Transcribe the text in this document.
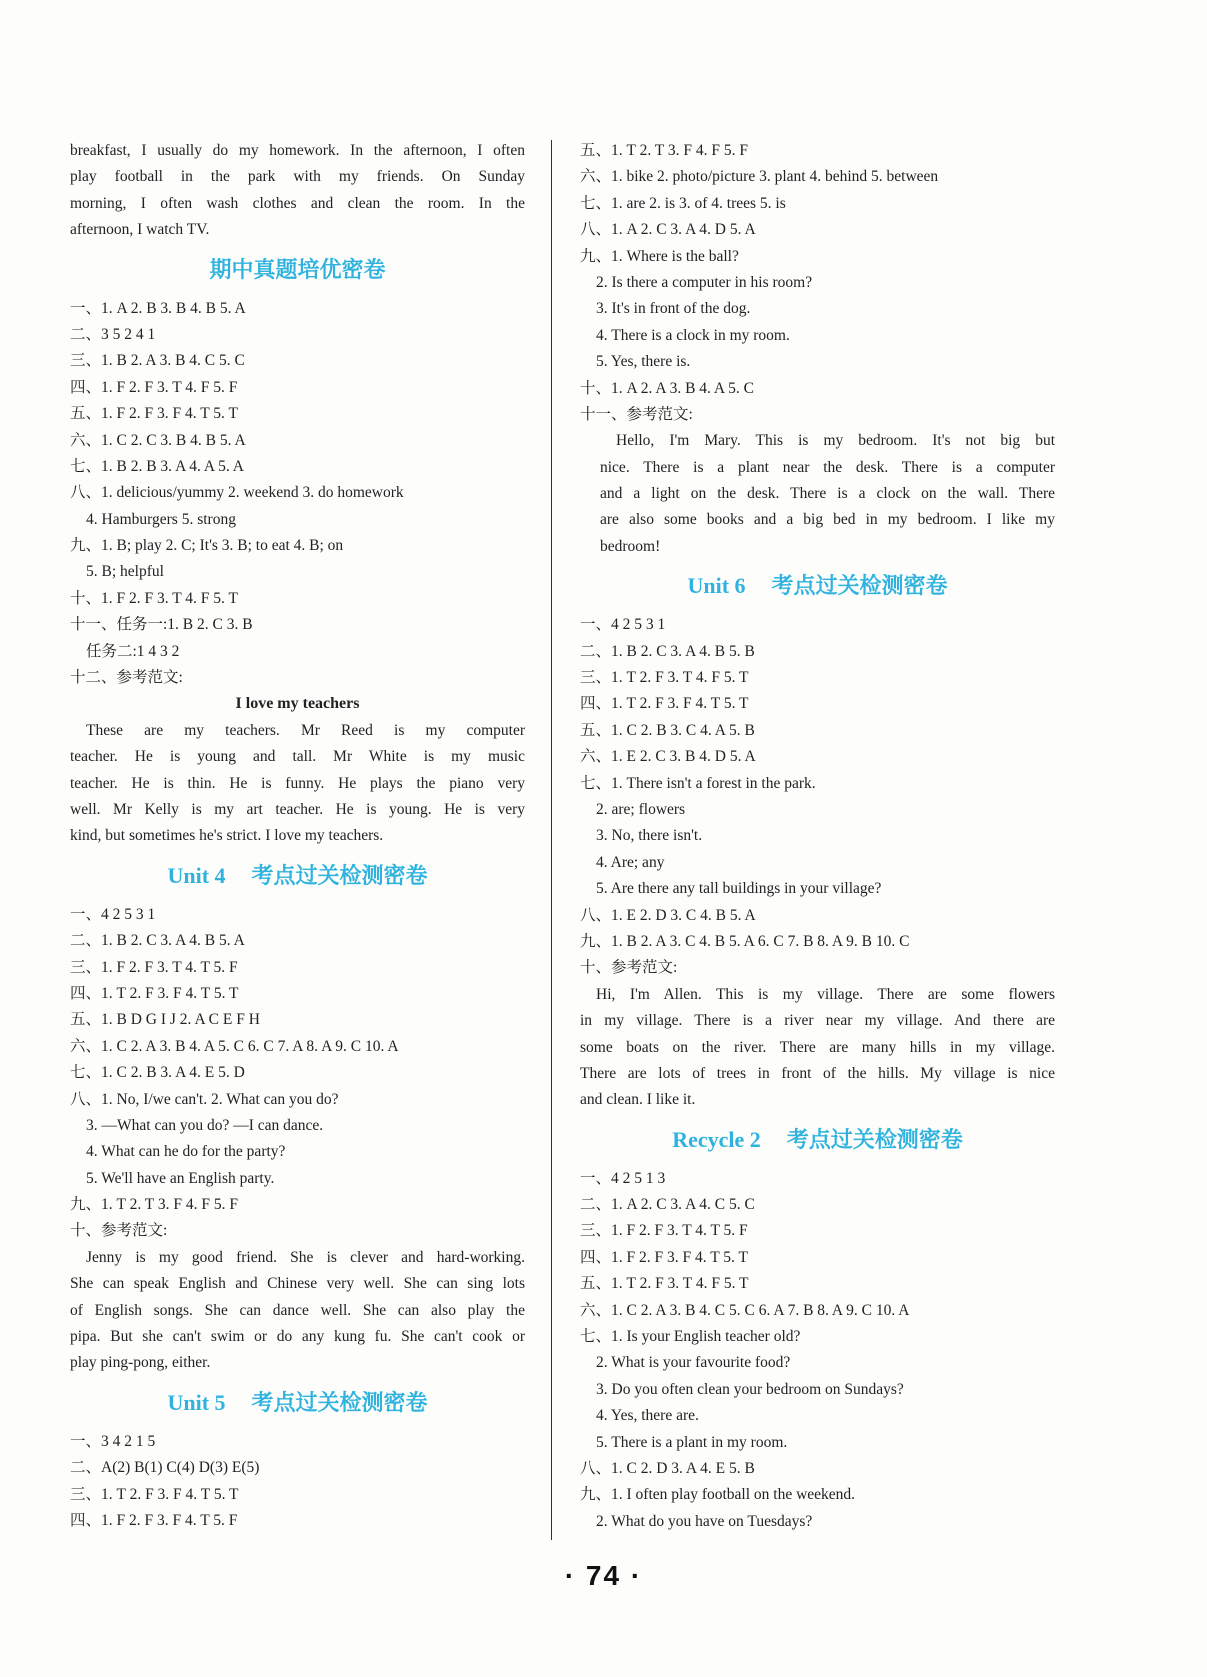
breakfast, I usually do my homework. In the afternoon, I often
play football in the park with my friends. On Sunday
morning, I often wash clothes and clean the room. In the
afternoon, I watch TV.
期中真题培优密卷
一、1. A 2. B 3. B 4. B 5. A
二、3 5 2 4 1
三、1. B 2. A 3. B 4. C 5. C
四、1. F 2. F 3. T 4. F 5. F
五、1. F 2. F 3. F 4. T 5. T
六、1. C 2. C 3. B 4. B 5. A
七、1. B 2. B 3. A 4. A 5. A
八、1. delicious/yummy 2. weekend 3. do homework
4. Hamburgers 5. strong
九、1. B; play 2. C; It's 3. B; to eat 4. B; on
5. B; helpful
十、1. F 2. F 3. T 4. F 5. T
十一、任务一:1. B 2. C 3. B
任务二:1 4 3 2
十二、参考范文:
I love my teachers
These are my teachers. Mr Reed is my computer
teacher. He is young and tall. Mr White is my music
teacher. He is thin. He is funny. He plays the piano very
well. Mr Kelly is my art teacher. He is young. He is very
kind, but sometimes he's strict. I love my teachers.
Unit 4 考点过关检测密卷
一、4 2 5 3 1
二、1. B 2. C 3. A 4. B 5. A
三、1. F 2. F 3. T 4. T 5. F
四、1. T 2. F 3. F 4. T 5. T
五、1. B D G I J 2. A C E F H
六、1. C 2. A 3. B 4. A 5. C 6. C 7. A 8. A 9. C 10. A
七、1. C 2. B 3. A 4. E 5. D
八、1. No, I/we can't. 2. What can you do?
3. —What can you do? —I can dance.
4. What can he do for the party?
5. We'll have an English party.
九、1. T 2. T 3. F 4. F 5. F
十、参考范文:
Jenny is my good friend. She is clever and hard-working.
She can speak English and Chinese very well. She can sing lots
of English songs. She can dance well. She can also play the
pipa. But she can't swim or do any kung fu. She can't cook or
play ping-pong, either.
Unit 5 考点过关检测密卷
一、3 4 2 1 5
二、A(2) B(1) C(4) D(3) E(5)
三、1. T 2. F 3. F 4. T 5. T
四、1. F 2. F 3. F 4. T 5. F
五、1. T 2. T 3. F 4. F 5. F
六、1. bike 2. photo/picture 3. plant 4. behind 5. between
七、1. are 2. is 3. of 4. trees 5. is
八、1. A 2. C 3. A 4. D 5. A
九、1. Where is the ball?
2. Is there a computer in his room?
3. It's in front of the dog.
4. There is a clock in my room.
5. Yes, there is.
十、1. A 2. A 3. B 4. A 5. C
十一、参考范文:
Hello, I'm Mary. This is my bedroom. It's not big but
nice. There is a plant near the desk. There is a computer
and a light on the desk. There is a clock on the wall. There
are also some books and a big bed in my bedroom. I like my
bedroom!
Unit 6 考点过关检测密卷
一、4 2 5 3 1
二、1. B 2. C 3. A 4. B 5. B
三、1. T 2. F 3. T 4. F 5. T
四、1. T 2. F 3. F 4. T 5. T
五、1. C 2. B 3. C 4. A 5. B
六、1. E 2. C 3. B 4. D 5. A
七、1. There isn't a forest in the park.
2. are; flowers
3. No, there isn't.
4. Are; any
5. Are there any tall buildings in your village?
八、1. E 2. D 3. C 4. B 5. A
九、1. B 2. A 3. C 4. B 5. A 6. C 7. B 8. A 9. B 10. C
十、参考范文:
Hi, I'm Allen. This is my village. There are some flowers
in my village. There is a river near my village. And there are
some boats on the river. There are many hills in my village.
There are lots of trees in front of the hills. My village is nice
and clean. I like it.
Recycle 2 考点过关检测密卷
一、4 2 5 1 3
二、1. A 2. C 3. A 4. C 5. C
三、1. F 2. F 3. T 4. T 5. F
四、1. F 2. F 3. F 4. T 5. T
五、1. T 2. F 3. T 4. F 5. T
六、1. C 2. A 3. B 4. C 5. C 6. A 7. B 8. A 9. C 10. A
七、1. Is your English teacher old?
2. What is your favourite food?
3. Do you often clean your bedroom on Sundays?
4. Yes, there are.
5. There is a plant in my room.
八、1. C 2. D 3. A 4. E 5. B
九、1. I often play football on the weekend.
2. What do you have on Tuesdays?
· 74 ·
